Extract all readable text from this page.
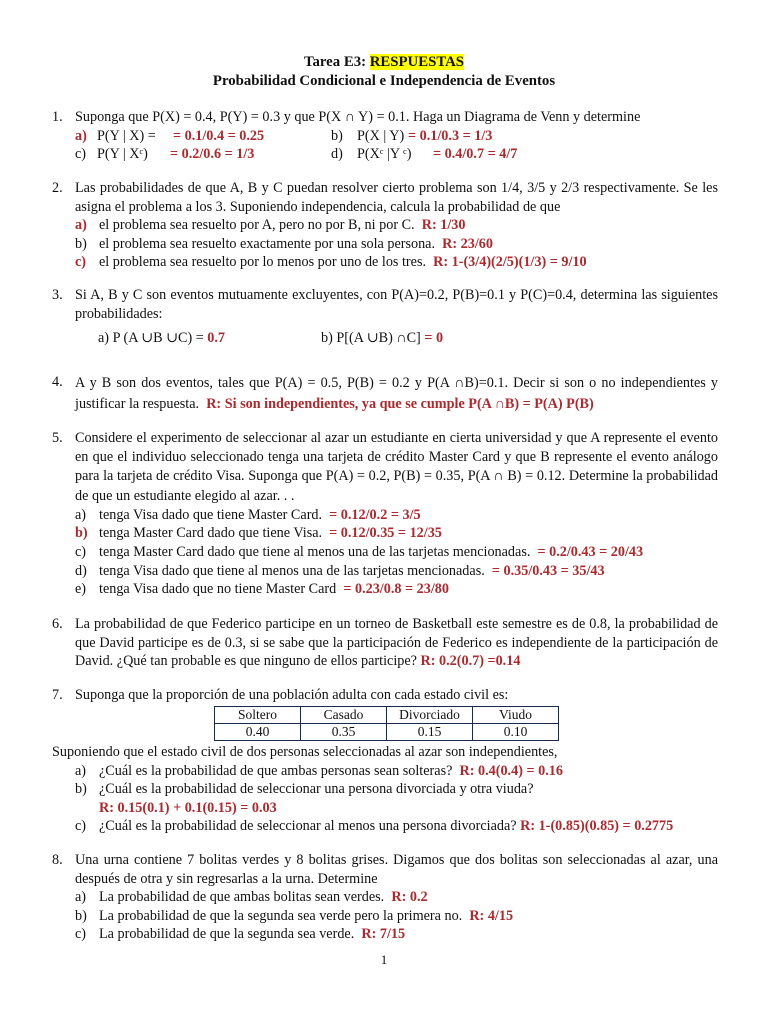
Tarea E3: RESPUESTAS
Probabilidad Condicional e Independencia de Eventos
1. Suponga que P(X) = 0.4, P(Y) = 0.3 y que P(X ∩ Y) = 0.1. Haga un Diagrama de Venn y determine
a) P(Y | X) = = 0.1/0.4 = 0.25	b) P(X | Y) = 0.1/0.3 = 1/3
c) P(Y | Xᶜ) = 0.2/0.6 = 1/3	d) P(Xᶜ |Y ᶜ) = 0.4/0.7 = 4/7
2. Las probabilidades de que A, B y C puedan resolver cierto problema son 1/4, 3/5 y 2/3 respectivamente. Se les asigna el problema a los 3. Suponiendo independencia, calcula la probabilidad de que
a) el problema sea resuelto por A, pero no por B, ni por C. R: 1/30
b) el problema sea resuelto exactamente por una sola persona. R: 23/60
c) el problema sea resuelto por lo menos por uno de los tres. R: 1-(3/4)(2/5)(1/3) = 9/10
3. Si A, B y C son eventos mutuamente excluyentes, con P(A)=0.2, P(B)=0.1 y P(C)=0.4, determina las siguientes probabilidades:
a) P (A ∪B ∪C) = 0.7	b) P[(A ∪B) ∩C] = 0
4. A y B son dos eventos, tales que P(A) = 0.5, P(B) = 0.2 y P(A ∩B)=0.1. Decir si son o no independientes y justificar la respuesta. R: Si son independientes, ya que se cumple P(A ∩B) = P(A) P(B)
5. Considere el experimento de seleccionar al azar un estudiante en cierta universidad y que A represente el evento en que el individuo seleccionado tenga una tarjeta de crédito Master Card y que B represente el evento análogo para la tarjeta de crédito Visa. Suponga que P(A) = 0.2, P(B) = 0.35, P(A ∩ B) = 0.12. Determine la probabilidad de que un estudiante elegido al azar. . .
a) tenga Visa dado que tiene Master Card. = 0.12/0.2 = 3/5
b) tenga Master Card dado que tiene Visa. = 0.12/0.35 = 12/35
c) tenga Master Card dado que tiene al menos una de las tarjetas mencionadas. = 0.2/0.43 = 20/43
d) tenga Visa dado que tiene al menos una de las tarjetas mencionadas. = 0.35/0.43 = 35/43
e) tenga Visa dado que no tiene Master Card = 0.23/0.8 = 23/80
6. La probabilidad de que Federico participe en un torneo de Basketball este semestre es de 0.8, la probabilidad de que David participe es de 0.3, si se sabe que la participación de Federico es independiente de la participación de David. ¿Qué tan probable es que ninguno de ellos participe? R: 0.2(0.7) =0.14
7. Suponga que la proporción de una población adulta con cada estado civil es:
Soltero	Casado	Divorciado	Viudo
0.40	0.35	0.15	0.10
Suponiendo que el estado civil de dos personas seleccionadas al azar son independientes,
a) ¿Cuál es la probabilidad de que ambas personas sean solteras? R: 0.4(0.4) = 0.16
b) ¿Cuál es la probabilidad de seleccionar una persona divorciada y otra viuda?
R: 0.15(0.1) + 0.1(0.15) = 0.03
c) ¿Cuál es la probabilidad de seleccionar al menos una persona divorciada? R: 1-(0.85)(0.85) = 0.2775
8. Una urna contiene 7 bolitas verdes y 8 bolitas grises. Digamos que dos bolitas son seleccionadas al azar, una después de otra y sin regresarlas a la urna. Determine
a) La probabilidad de que ambas bolitas sean verdes. R: 0.2
b) La probabilidad de que la segunda sea verde pero la primera no. R: 4/15
c) La probabilidad de que la segunda sea verde. R: 7/15
1
